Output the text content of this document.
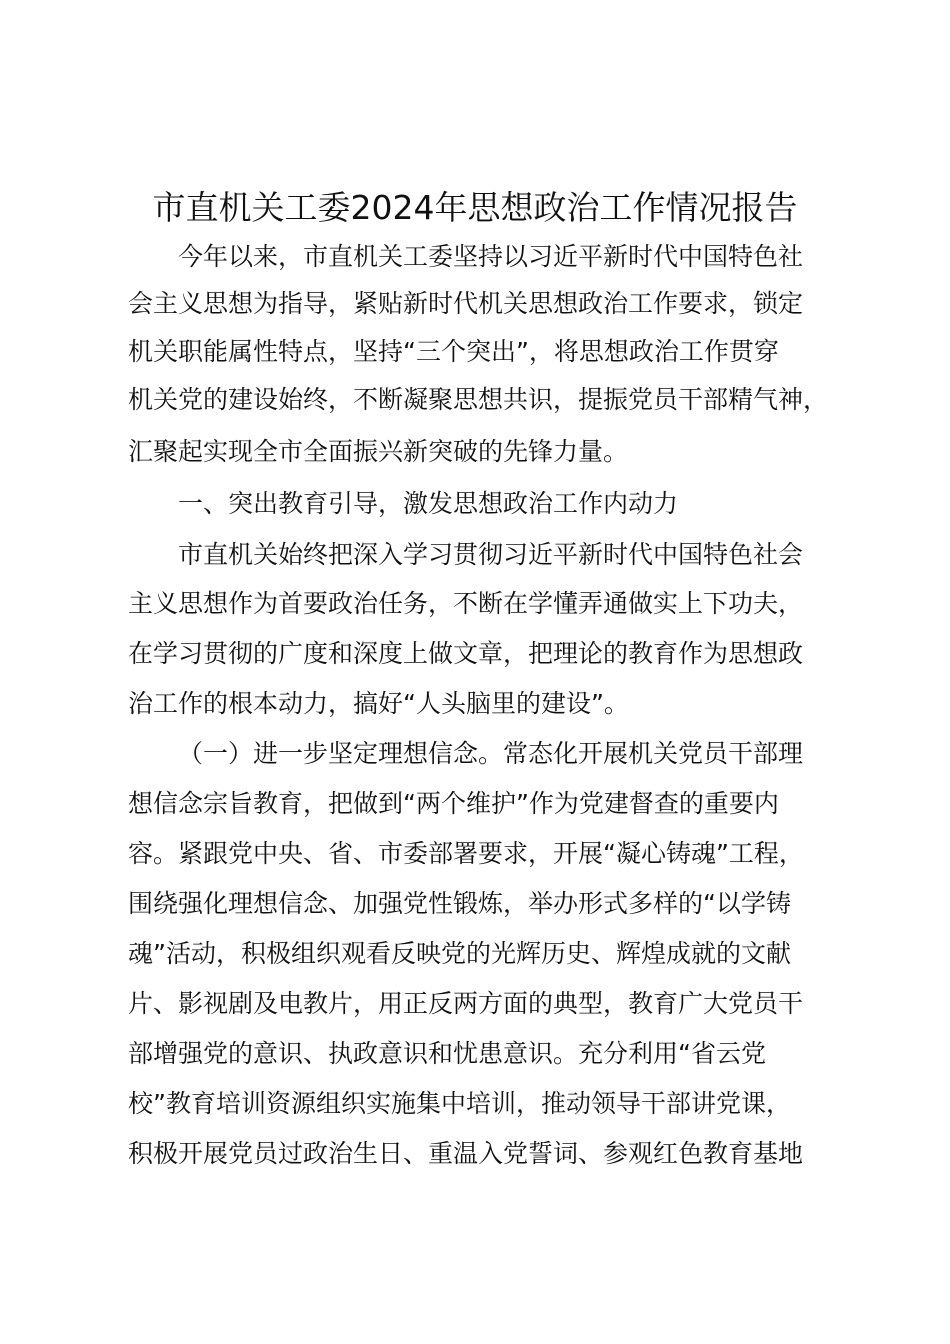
市直机关工委2024年思想政治工作情况报告
今年以来，市直机关工委坚持以习近平新时代中国特色社
会主义思想为指导，紧贴新时代机关思想政治工作要求，锁定
机关职能属性特点，坚持“三个突出”，将思想政治工作贯穿
机关党的建设始终，不断凝聚思想共识，提振党员干部精气神，
汇聚起实现全市全面振兴新突破的先锋力量。
一、突出教育引导，激发思想政治工作内动力
市直机关始终把深入学习贯彻习近平新时代中国特色社会
主义思想作为首要政治任务，不断在学懂弄通做实上下功夫，
在学习贯彻的广度和深度上做文章，把理论的教育作为思想政
治工作的根本动力，搞好“人头脑里的建设”。
（一）进一步坚定理想信念。常态化开展机关党员干部理
想信念宗旨教育，把做到“两个维护”作为党建督查的重要内
容。紧跟党中央、省、市委部署要求，开展“凝心铸魂”工程，
围绕强化理想信念、加强党性锻炼，举办形式多样的“以学铸
魂”活动，积极组织观看反映党的光辉历史、辉煌成就的文献
片、影视剧及电教片，用正反两方面的典型，教育广大党员干
部增强党的意识、执政意识和忧患意识。充分利用“省云党
校”教育培训资源组织实施集中培训，推动领导干部讲党课，
积极开展党员过政治生日、重温入党誓词、参观红色教育基地
